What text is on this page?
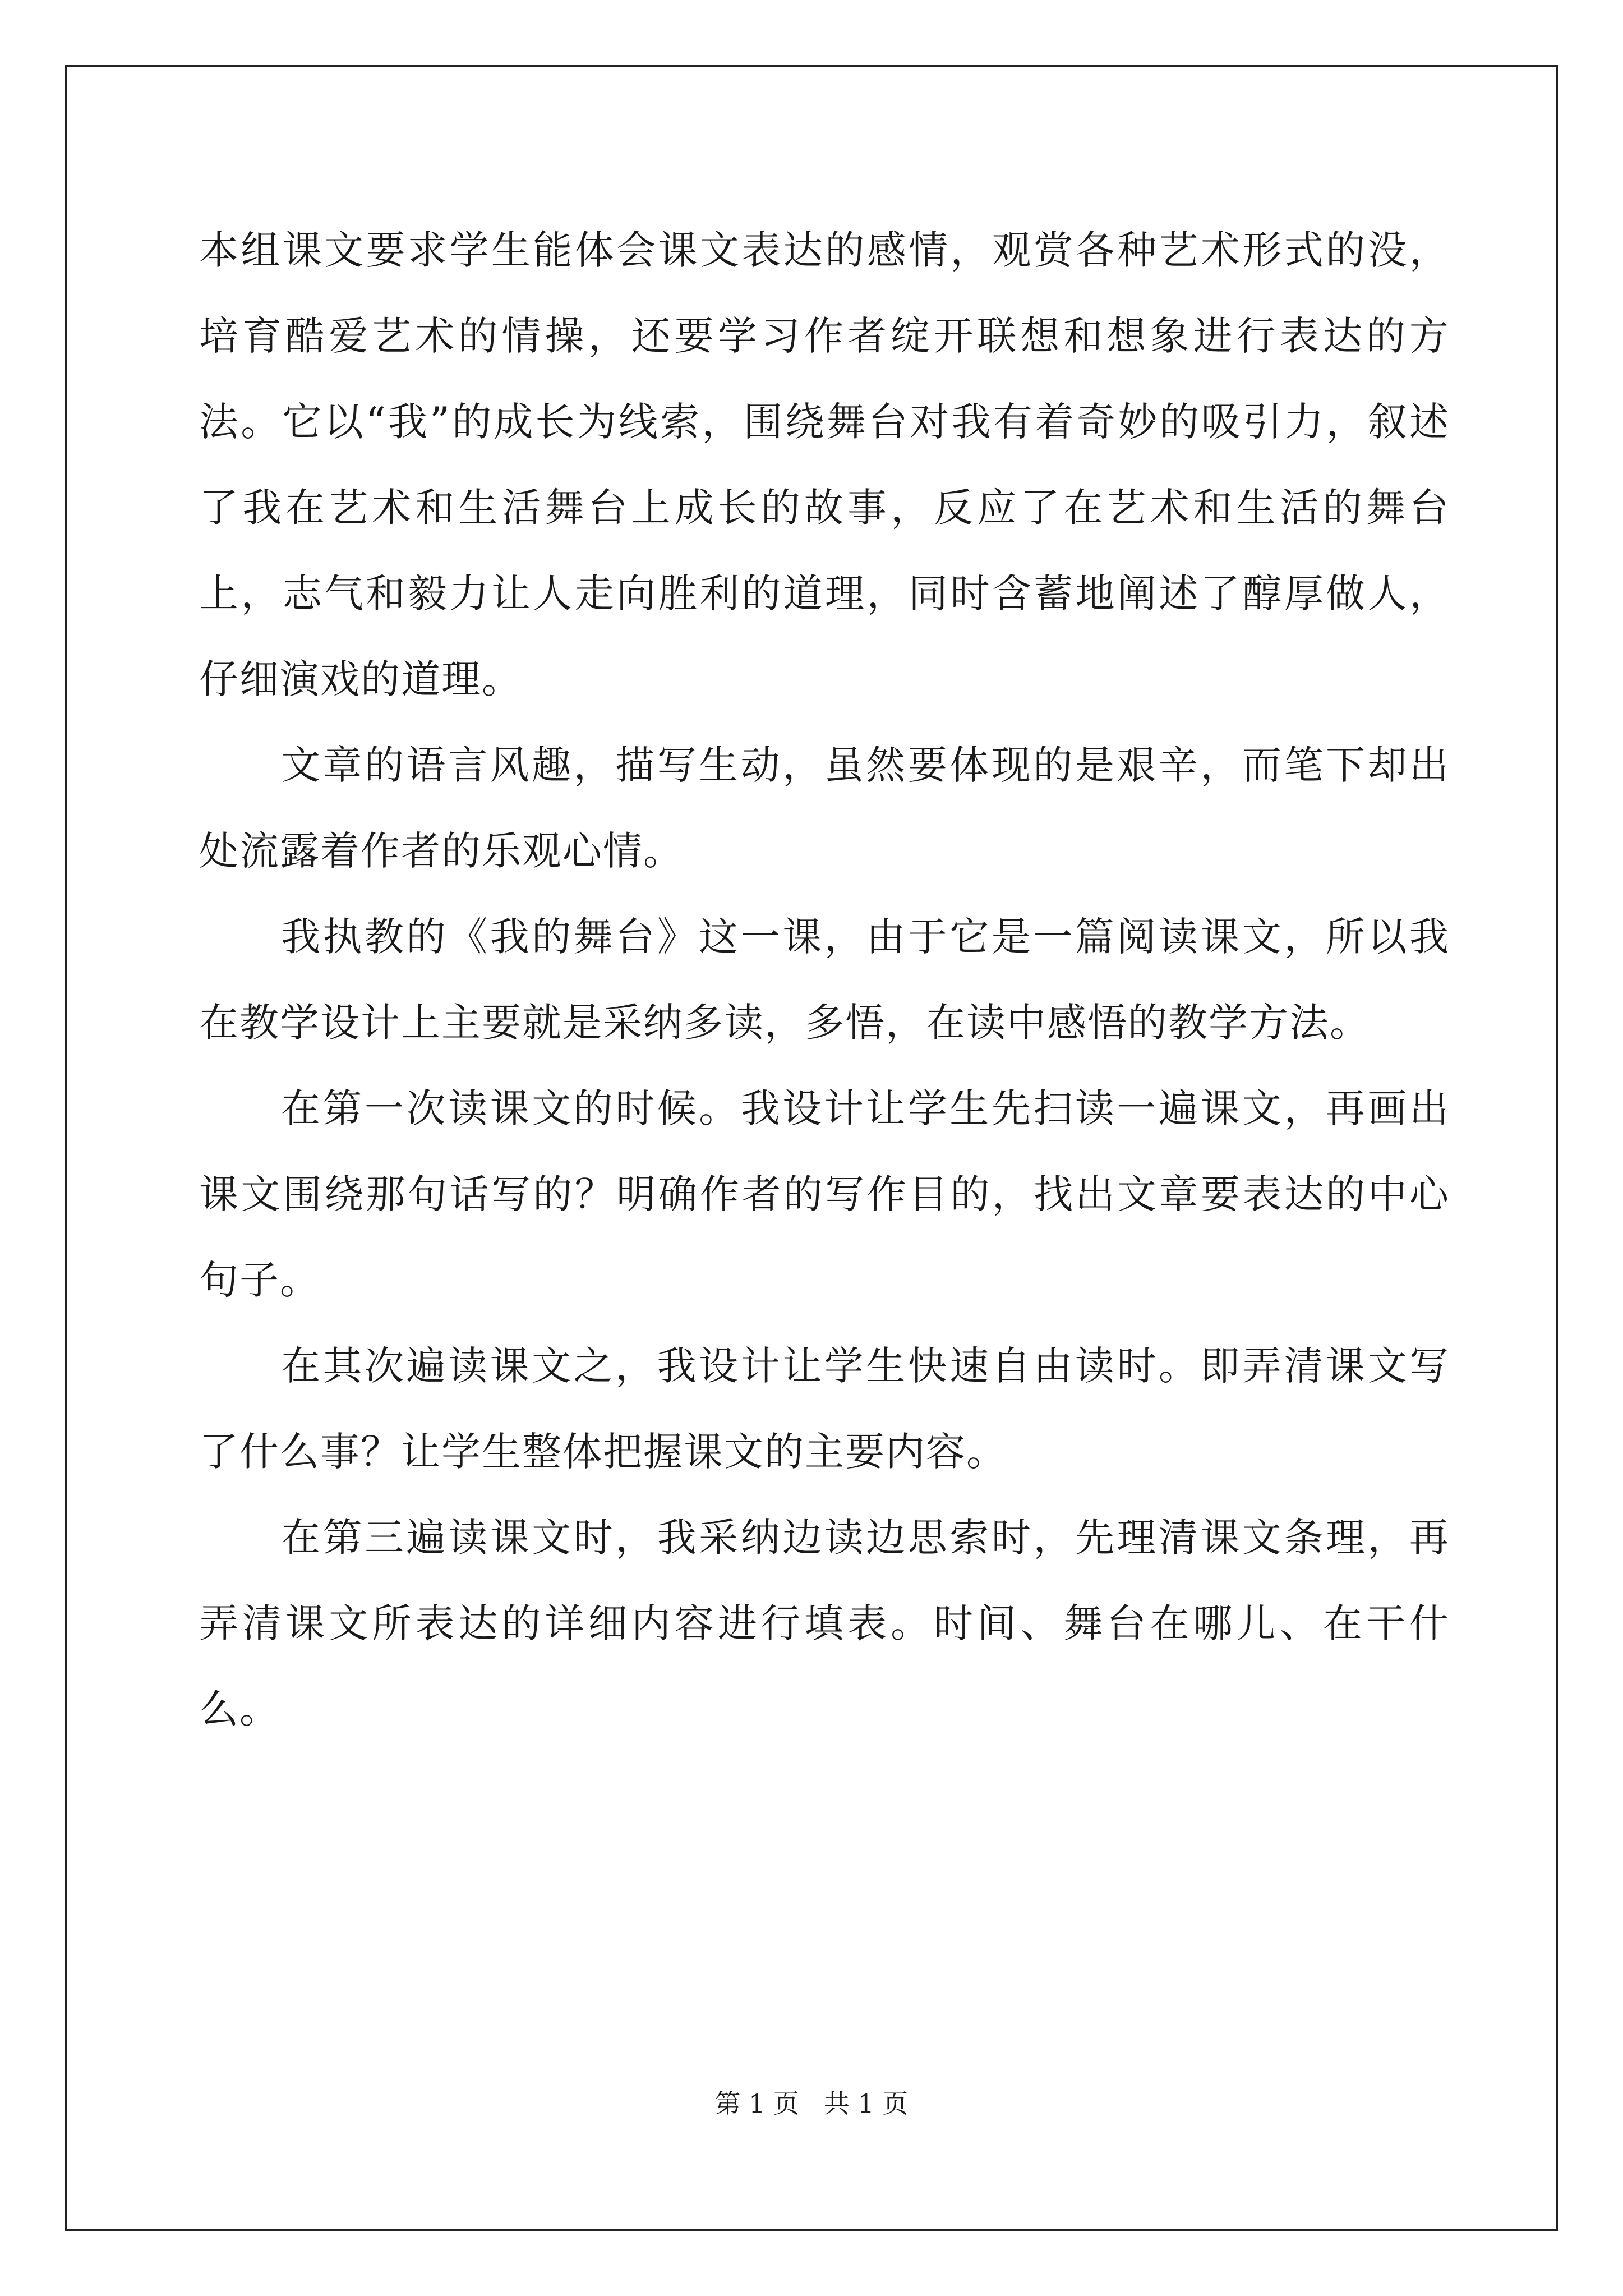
本组课文要求学生能体会课文表达的感情，观赏各种艺术形式的没，培育酷爱艺术的情操，还要学习作者绽开联想和想象进行表达的方法。它以“我”的成长为线索，围绕舞台对我有着奇妙的吸引力，叙述了我在艺术和生活舞台上成长的故事，反应了在艺术和生活的舞台上，志气和毅力让人走向胜利的道理，同时含蓄地阐述了醇厚做人，仔细演戏的道理。

文章的语言风趣，描写生动，虽然要体现的是艰辛，而笔下却出处流露着作者的乐观心情。

我执教的《我的舞台》这一课，由于它是一篇阅读课文，所以我在教学设计上主要就是采纳多读，多悟，在读中感悟的教学方法。

在第一次读课文的时候。我设计让学生先扫读一遍课文，再画出课文围绕那句话写的？明确作者的写作目的，找出文章要表达的中心句子。

在其次遍读课文之，我设计让学生快速自由读时。即弄清课文写了什么事？让学生整体把握课文的主要内容。

在第三遍读课文时，我采纳边读边思索时，先理清课文条理，再弄清课文所表达的详细内容进行填表。时间、舞台在哪儿、在干什么。

第 1 页   共 1 页
